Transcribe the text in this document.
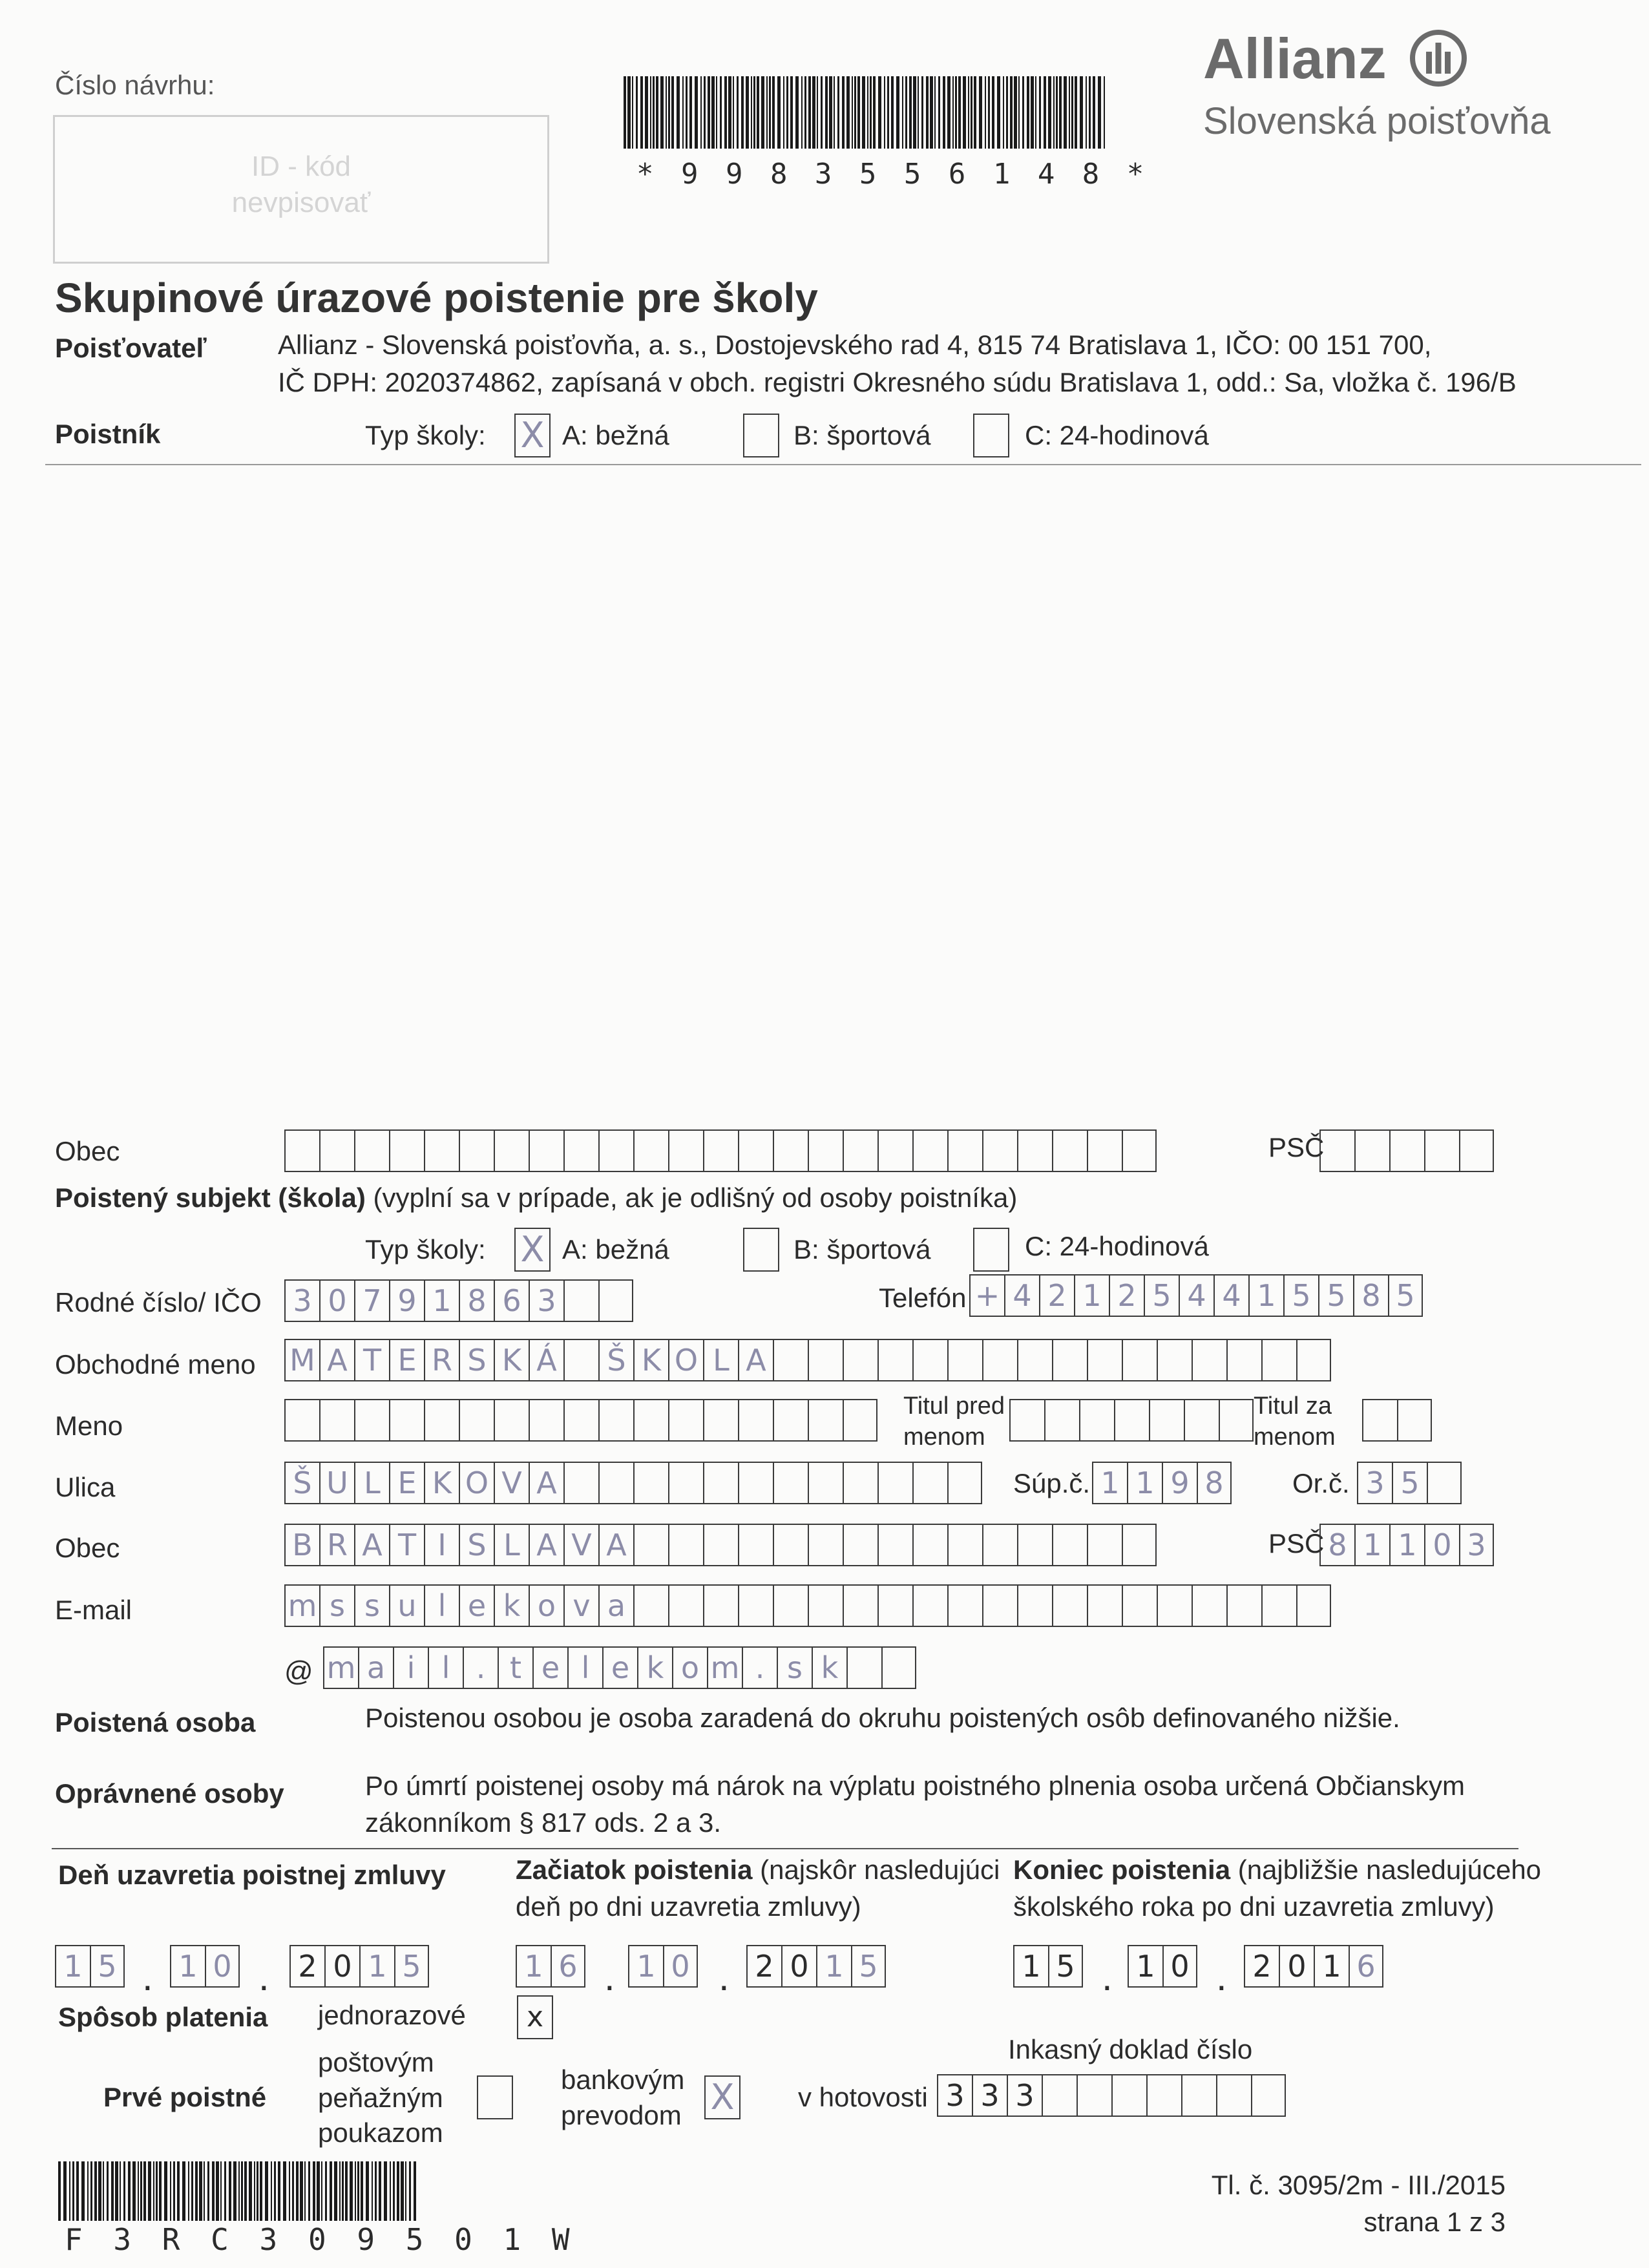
Číslo návrhu:
ID - kód
nevpisovať
* 9 9 8 3 5 5 6 1 4 8 *
Allianz
Slovenská poisťovňa
Skupinové úrazové poistenie pre školy
Poisťovateľ	Allianz - Slovenská poisťovňa, a. s., Dostojevského rad 4, 815 74 Bratislava 1, IČO: 00 151 700,
IČ DPH: 2020374862, zapísaná v obch. registri Okresného súdu Bratislava 1, odd.: Sa, vložka č. 196/B
Poistník	Typ školy: X A: bežná	B: športová	C: 24-hodinová
Obec	PSČ
Poistený subjekt (škola) (vyplní sa v prípade, ak je odlišný od osoby poistníka)
Typ školy: X A: bežná	B: športová	C: 24-hodinová
Rodné číslo/ IČO 3 0 7 9 1 8 6 3	Telefón + 4 2 1 2 5 4 4 1 5 5 8 5
Obchodné meno M A T E R S K Á Š K O L A
Meno
Titul pred
menom
Titul za
menom
Ulica	Š U L E K O V A	Súp.č. 1 1 9 8	Or.č. 3 5
Obec	B R A T I S L A V A	PSČ 8 1 1 0 3
E-mail	m s s u l e k o v a
@ m a i l . t e l e k o m . s k
Poistená osoba	Poistenou osobou je osoba zaradená do okruhu poistených osôb definovaného nižšie.
Oprávnené osoby	Po úmrtí poistenej osoby má nárok na výplatu poistného plnenia osoba určená Občianskym
zákonníkom § 817 ods. 2 a 3.
Deň uzavretia poistnej zmluvy	Začiatok poistenia (najskôr nasledujúci
deň po dni uzavretia zmluvy)
Koniec poistenia (najbližšie nasledujúceho
školského roka po dni uzavretia zmluvy)
1 5 . 1 0 . 2 0 1 5	1 6 . 1 0 . 2 0 1 5	1 5 . 1 0 . 2 0 1 6
Spôsob platenia jednorazové	x
Prvé poistné
poštovým
peňažným
poukazom
bankovým
prevodom X v hotovosti
Inkasný doklad číslo
3 3 3
F 3 R C 3 0 9 5 0 1 W
Tl. č. 3095/2m - III./2015
strana 1 z 3
